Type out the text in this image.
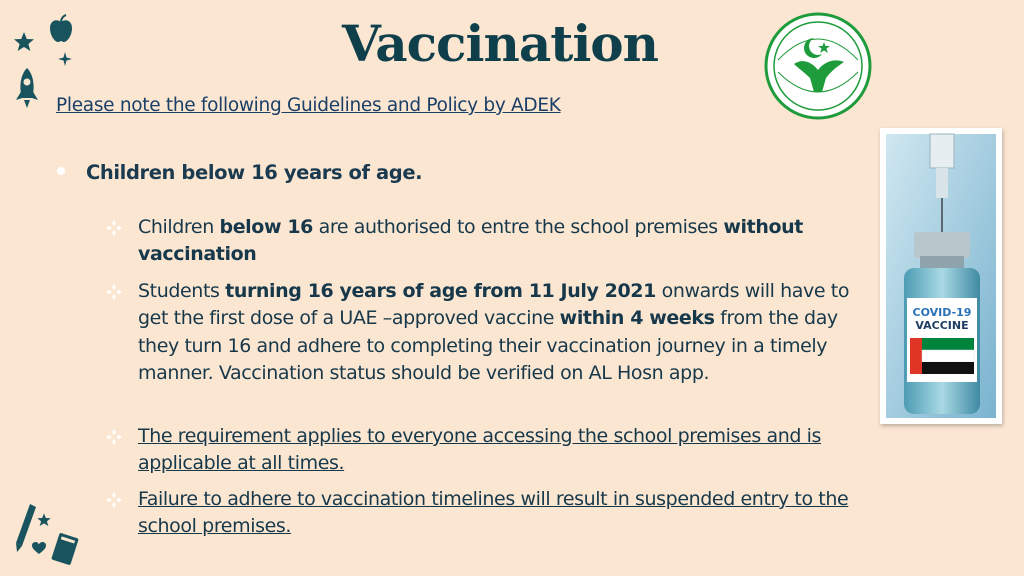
Vaccination
Please note the following Guidelines and Policy by ADEK
COVID-19
VACCINE
Children below 16 years of age.
Children below 16 are authorised to entre the school premises without vaccination
Students turning 16 years of age from 11 July 2021 onwards will have to get the first dose of a UAE –approved vaccine within 4 weeks from the day they turn 16 and adhere to completing their vaccination journey in a timely manner. Vaccination status should be verified on AL Hosn app.
The requirement applies to everyone accessing the school premises and is applicable at all times.
Failure to adhere to vaccination timelines will result in suspended entry to the school premises.
